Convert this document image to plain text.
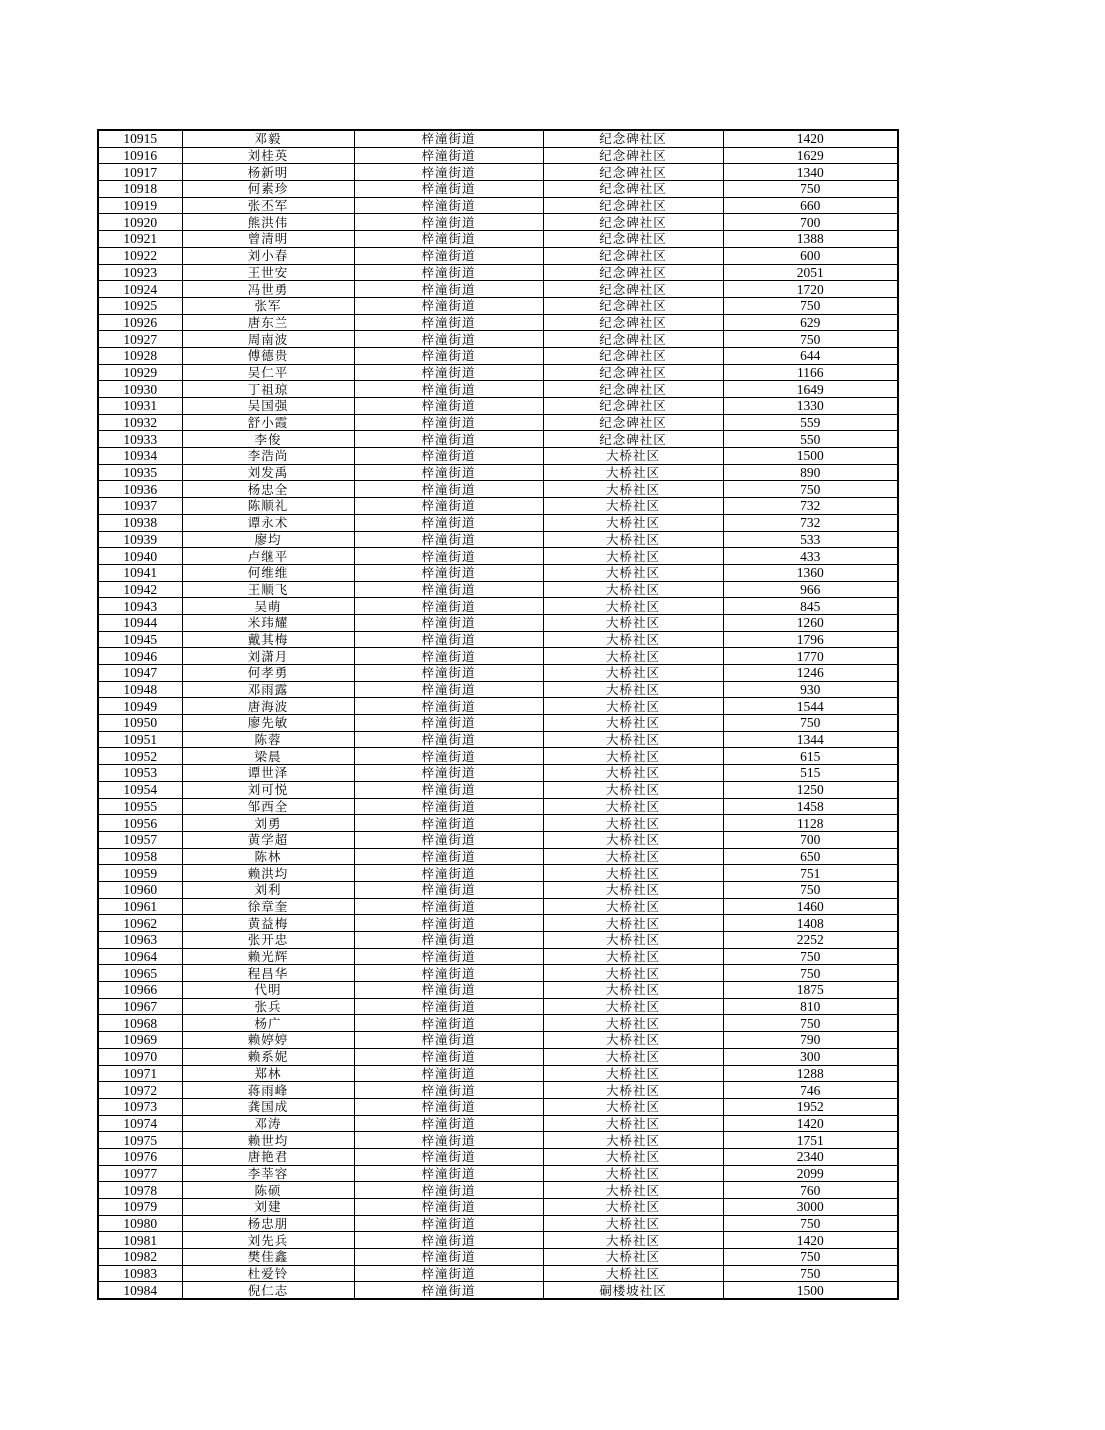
10915	邓毅	梓潼街道	纪念碑社区	1420
10916	刘桂英	梓潼街道	纪念碑社区	1629
10917	杨新明	梓潼街道	纪念碑社区	1340
10918	何素珍	梓潼街道	纪念碑社区	750
10919	张丕军	梓潼街道	纪念碑社区	660
10920	熊洪伟	梓潼街道	纪念碑社区	700
10921	曾清明	梓潼街道	纪念碑社区	1388
10922	刘小春	梓潼街道	纪念碑社区	600
10923	王世安	梓潼街道	纪念碑社区	2051
10924	冯世勇	梓潼街道	纪念碑社区	1720
10925	张军	梓潼街道	纪念碑社区	750
10926	唐东兰	梓潼街道	纪念碑社区	629
10927	周南波	梓潼街道	纪念碑社区	750
10928	傅德贵	梓潼街道	纪念碑社区	644
10929	吴仁平	梓潼街道	纪念碑社区	1166
10930	丁祖琼	梓潼街道	纪念碑社区	1649
10931	吴国强	梓潼街道	纪念碑社区	1330
10932	舒小霞	梓潼街道	纪念碑社区	559
10933	李俊	梓潼街道	纪念碑社区	550
10934	李浩尚	梓潼街道	大桥社区	1500
10935	刘发禹	梓潼街道	大桥社区	890
10936	杨忠全	梓潼街道	大桥社区	750
10937	陈顺礼	梓潼街道	大桥社区	732
10938	谭永术	梓潼街道	大桥社区	732
10939	廖均	梓潼街道	大桥社区	533
10940	卢继平	梓潼街道	大桥社区	433
10941	何维维	梓潼街道	大桥社区	1360
10942	王顺飞	梓潼街道	大桥社区	966
10943	吴萌	梓潼街道	大桥社区	845
10944	米玮耀	梓潼街道	大桥社区	1260
10945	戴其梅	梓潼街道	大桥社区	1796
10946	刘潇月	梓潼街道	大桥社区	1770
10947	何孝勇	梓潼街道	大桥社区	1246
10948	邓雨露	梓潼街道	大桥社区	930
10949	唐海波	梓潼街道	大桥社区	1544
10950	廖先敏	梓潼街道	大桥社区	750
10951	陈蓉	梓潼街道	大桥社区	1344
10952	梁晨	梓潼街道	大桥社区	615
10953	谭世泽	梓潼街道	大桥社区	515
10954	刘可悦	梓潼街道	大桥社区	1250
10955	邹西全	梓潼街道	大桥社区	1458
10956	刘勇	梓潼街道	大桥社区	1128
10957	黄学超	梓潼街道	大桥社区	700
10958	陈林	梓潼街道	大桥社区	650
10959	赖洪均	梓潼街道	大桥社区	751
10960	刘利	梓潼街道	大桥社区	750
10961	徐章奎	梓潼街道	大桥社区	1460
10962	黄益梅	梓潼街道	大桥社区	1408
10963	张开忠	梓潼街道	大桥社区	2252
10964	赖光辉	梓潼街道	大桥社区	750
10965	程昌华	梓潼街道	大桥社区	750
10966	代明	梓潼街道	大桥社区	1875
10967	张兵	梓潼街道	大桥社区	810
10968	杨广	梓潼街道	大桥社区	750
10969	赖婷婷	梓潼街道	大桥社区	790
10970	赖系妮	梓潼街道	大桥社区	300
10971	郑林	梓潼街道	大桥社区	1288
10972	蒋雨峰	梓潼街道	大桥社区	746
10973	龚国成	梓潼街道	大桥社区	1952
10974	邓涛	梓潼街道	大桥社区	1420
10975	赖世均	梓潼街道	大桥社区	1751
10976	唐艳君	梓潼街道	大桥社区	2340
10977	李莘容	梓潼街道	大桥社区	2099
10978	陈硕	梓潼街道	大桥社区	760
10979	刘建	梓潼街道	大桥社区	3000
10980	杨忠朋	梓潼街道	大桥社区	750
10981	刘先兵	梓潼街道	大桥社区	1420
10982	樊佳鑫	梓潼街道	大桥社区	750
10983	杜爱铃	梓潼街道	大桥社区	750
10984	倪仁志	梓潼街道	硐楼坡社区	1500
